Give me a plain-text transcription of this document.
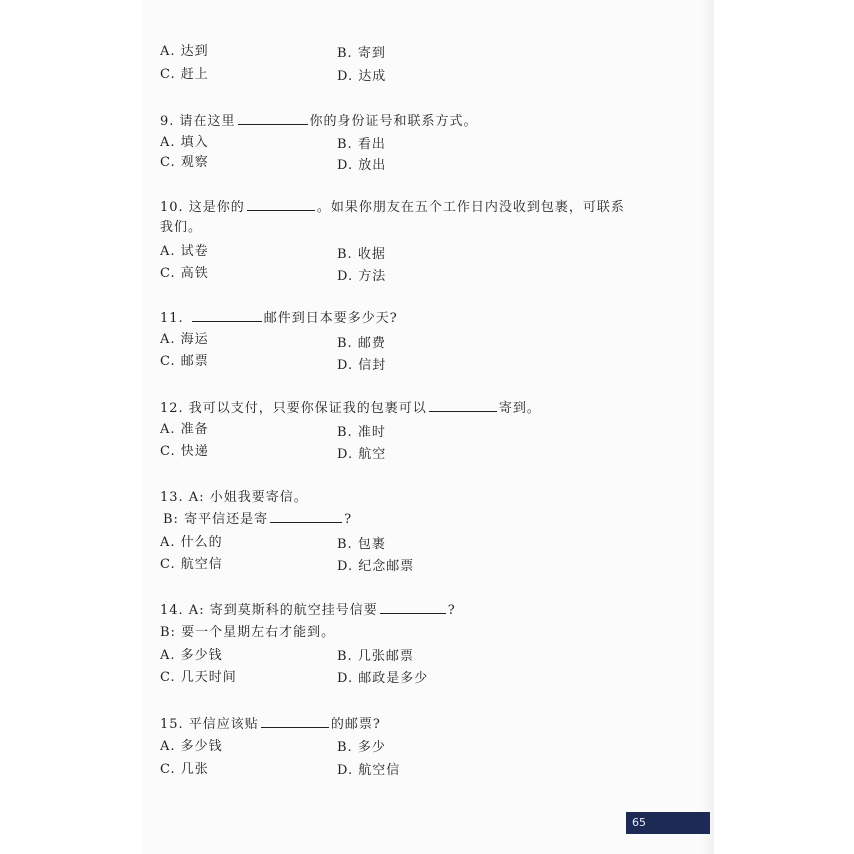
A. 达到	B. 寄到
C. 赶上	D. 达成
9. 请在这里	你的身份证号和联系方式。
A. 填入	B. 看出
C. 观察	D. 放出
10. 这是你的	。如果你朋友在五个工作日内没收到包裹，可联系
我们。
A. 试卷	B. 收据
C. 高铁	D. 方法
11.	邮件到日本要多少天?
A. 海运	B. 邮费
C. 邮票	D. 信封
12. 我可以支付，只要你保证我的包裹可以	寄到。
A. 准备	B. 准时
C. 快递	D. 航空
13. A: 小姐我要寄信。
B: 寄平信还是寄	?
A. 什么的	B. 包裹
C. 航空信	D. 纪念邮票
14. A: 寄到莫斯科的航空挂号信要	?
B: 要一个星期左右才能到。
A. 多少钱	B. 几张邮票
C. 几天时间	D. 邮政是多少
15. 平信应该贴	的邮票?
A. 多少钱	B. 多少
C. 几张	D. 航空信
65
